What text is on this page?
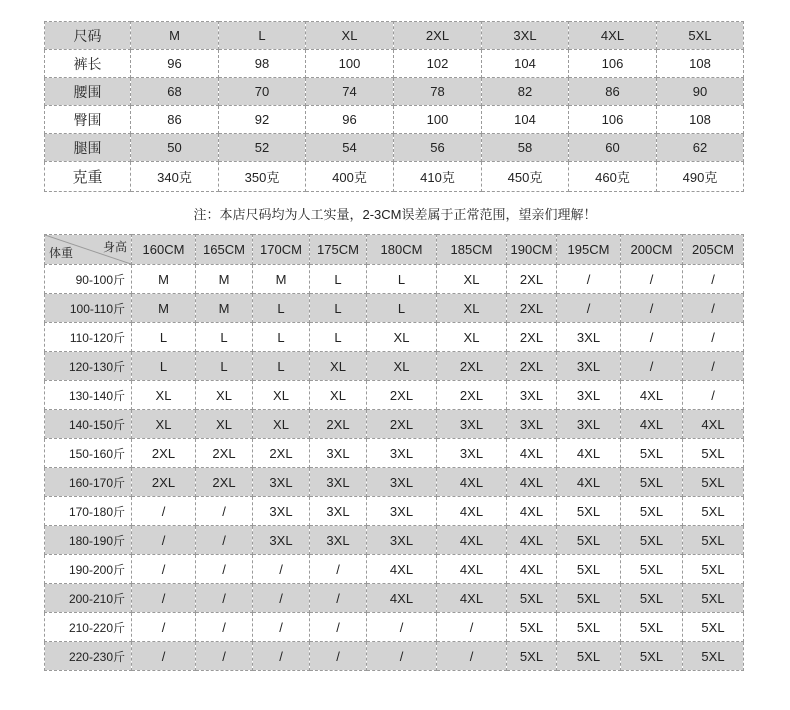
尺码	M	L	XL	2XL	3XL	4XL	5XL
裤长	96	98	100	102	104	106	108
腰围	68	70	74	78	82	86	90
臀围	86	92	96	100	104	106	108
腿围	50	52	54	56	58	60	62
克重	340克	350克	400克	410克	450克	460克	490克
注：本店尺码均为人工实量，2-3CM误差属于正常范围，望亲们理解！
身高
体重	160CM	165CM	170CM	175CM	180CM	185CM	190CM	195CM	200CM	205CM
90-100斤	M	M	M	L	L	XL	2XL	/	/	/
100-110斤	M	M	L	L	L	XL	2XL	/	/	/
110-120斤	L	L	L	L	XL	XL	2XL	3XL	/	/
120-130斤	L	L	L	XL	XL	2XL	2XL	3XL	/	/
130-140斤	XL	XL	XL	XL	2XL	2XL	3XL	3XL	4XL	/
140-150斤	XL	XL	XL	2XL	2XL	3XL	3XL	3XL	4XL	4XL
150-160斤	2XL	2XL	2XL	3XL	3XL	3XL	4XL	4XL	5XL	5XL
160-170斤	2XL	2XL	3XL	3XL	3XL	4XL	4XL	4XL	5XL	5XL
170-180斤	/	/	3XL	3XL	3XL	4XL	4XL	5XL	5XL	5XL
180-190斤	/	/	3XL	3XL	3XL	4XL	4XL	5XL	5XL	5XL
190-200斤	/	/	/	/	4XL	4XL	4XL	5XL	5XL	5XL
200-210斤	/	/	/	/	4XL	4XL	5XL	5XL	5XL	5XL
210-220斤	/	/	/	/	/	/	5XL	5XL	5XL	5XL
220-230斤	/	/	/	/	/	/	5XL	5XL	5XL	5XL
